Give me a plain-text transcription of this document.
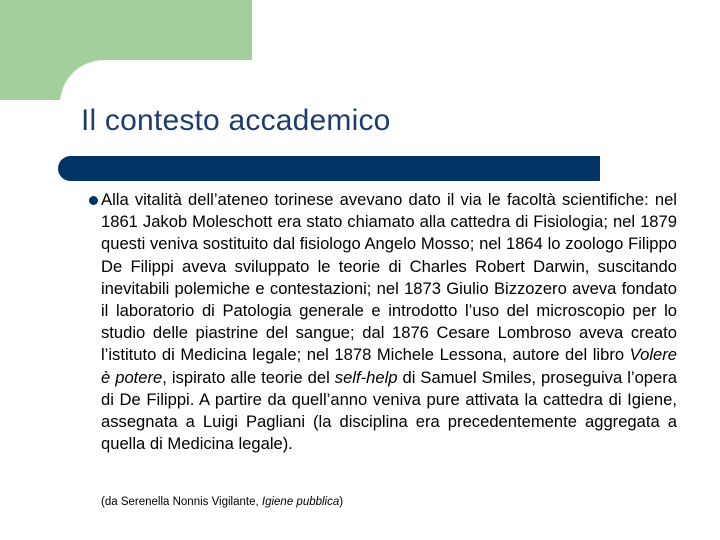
Il contesto accademico

Alla vitalità dell’ateneo torinese avevano dato il via le facoltà scientifiche: nel 1861 Jakob Moleschott era stato chiamato alla cattedra di Fisiologia; nel 1879 questi veniva sostituito dal fisiologo Angelo Mosso; nel 1864 lo zoologo Filippo De Filippi aveva sviluppato le teorie di Charles Robert Darwin, suscitando inevitabili polemiche e contestazioni; nel 1873 Giulio Bizzozero aveva fondato il laboratorio di Patologia generale e introdotto l’uso del microscopio per lo studio delle piastrine del sangue; dal 1876 Cesare Lombroso aveva creato l’istituto di Medicina legale; nel 1878 Michele Lessona, autore del libro Volere è potere, ispirato alle teorie del self-help di Samuel Smiles, proseguiva l’opera di De Filippi. A partire da quell’anno veniva pure attivata la cattedra di Igiene, assegnata a Luigi Pagliani (la disciplina era precedentemente aggregata a quella di Medicina legale).

(da Serenella Nonnis Vigilante, Igiene pubblica)
